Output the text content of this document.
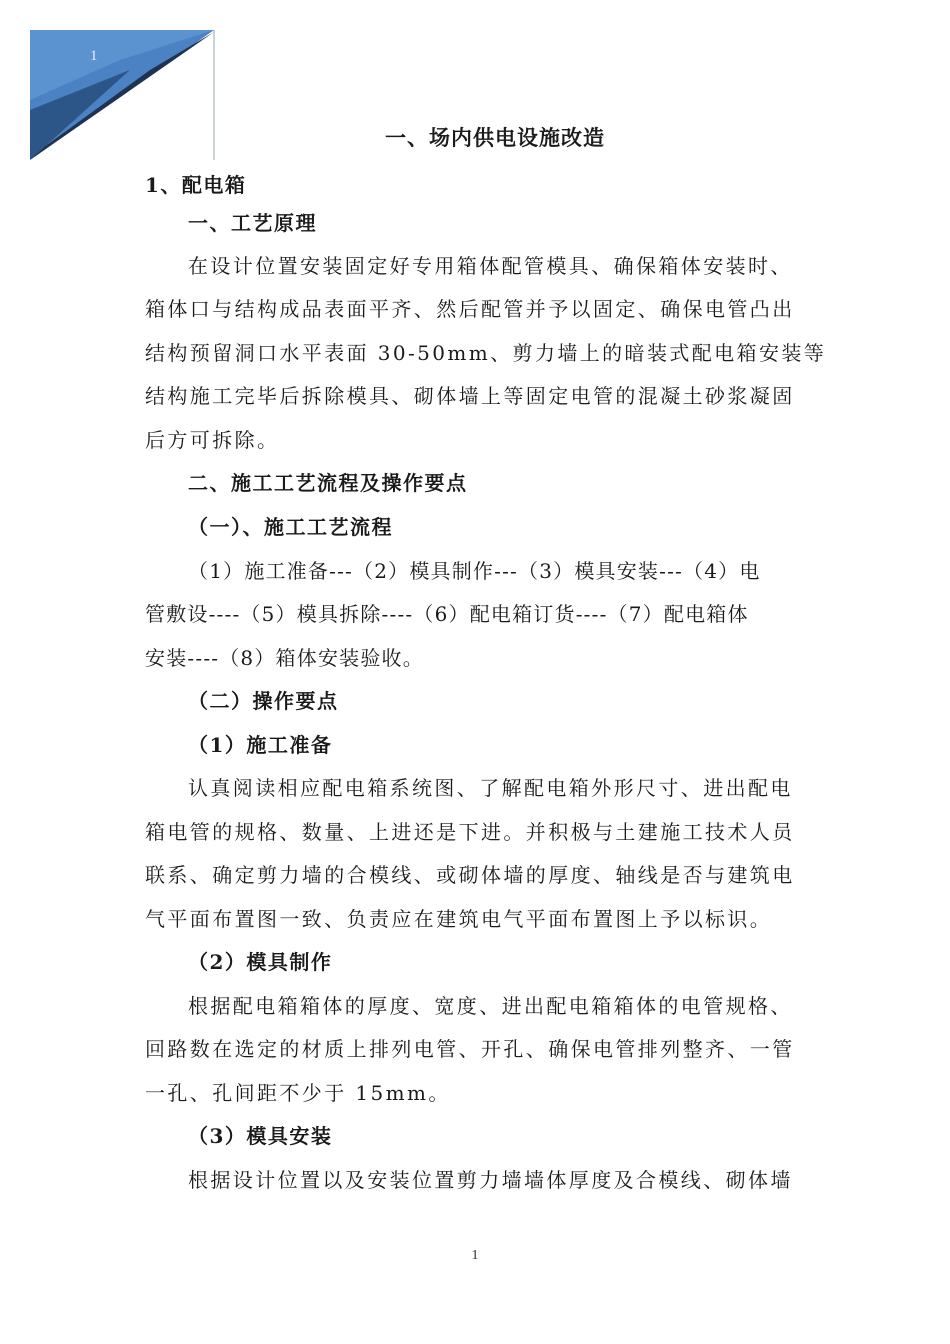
1
一、场内供电设施改造
1、配电箱
一、工艺原理
在设计位置安装固定好专用箱体配管模具、确保箱体安装时、
箱体口与结构成品表面平齐、然后配管并予以固定、确保电管凸出
结构预留洞口水平表面 30-50mm、剪力墙上的暗装式配电箱安装等
结构施工完毕后拆除模具、砌体墙上等固定电管的混凝土砂浆凝固
后方可拆除。
二、施工工艺流程及操作要点
（一）、施工工艺流程
（1）施工准备---（2）模具制作---（3）模具安装---（4）电
管敷设----（5）模具拆除----（6）配电箱订货----（7）配电箱体
安装----（8）箱体安装验收。
（二）操作要点
（1）施工准备
认真阅读相应配电箱系统图、了解配电箱外形尺寸、进出配电
箱电管的规格、数量、上进还是下进。并积极与土建施工技术人员
联系、确定剪力墙的合模线、或砌体墙的厚度、轴线是否与建筑电
气平面布置图一致、负责应在建筑电气平面布置图上予以标识。
（2）模具制作
根据配电箱箱体的厚度、宽度、进出配电箱箱体的电管规格、
回路数在选定的材质上排列电管、开孔、确保电管排列整齐、一管
一孔、孔间距不少于 15mm。
（3）模具安装
根据设计位置以及安装位置剪力墙墙体厚度及合模线、砌体墙
1
